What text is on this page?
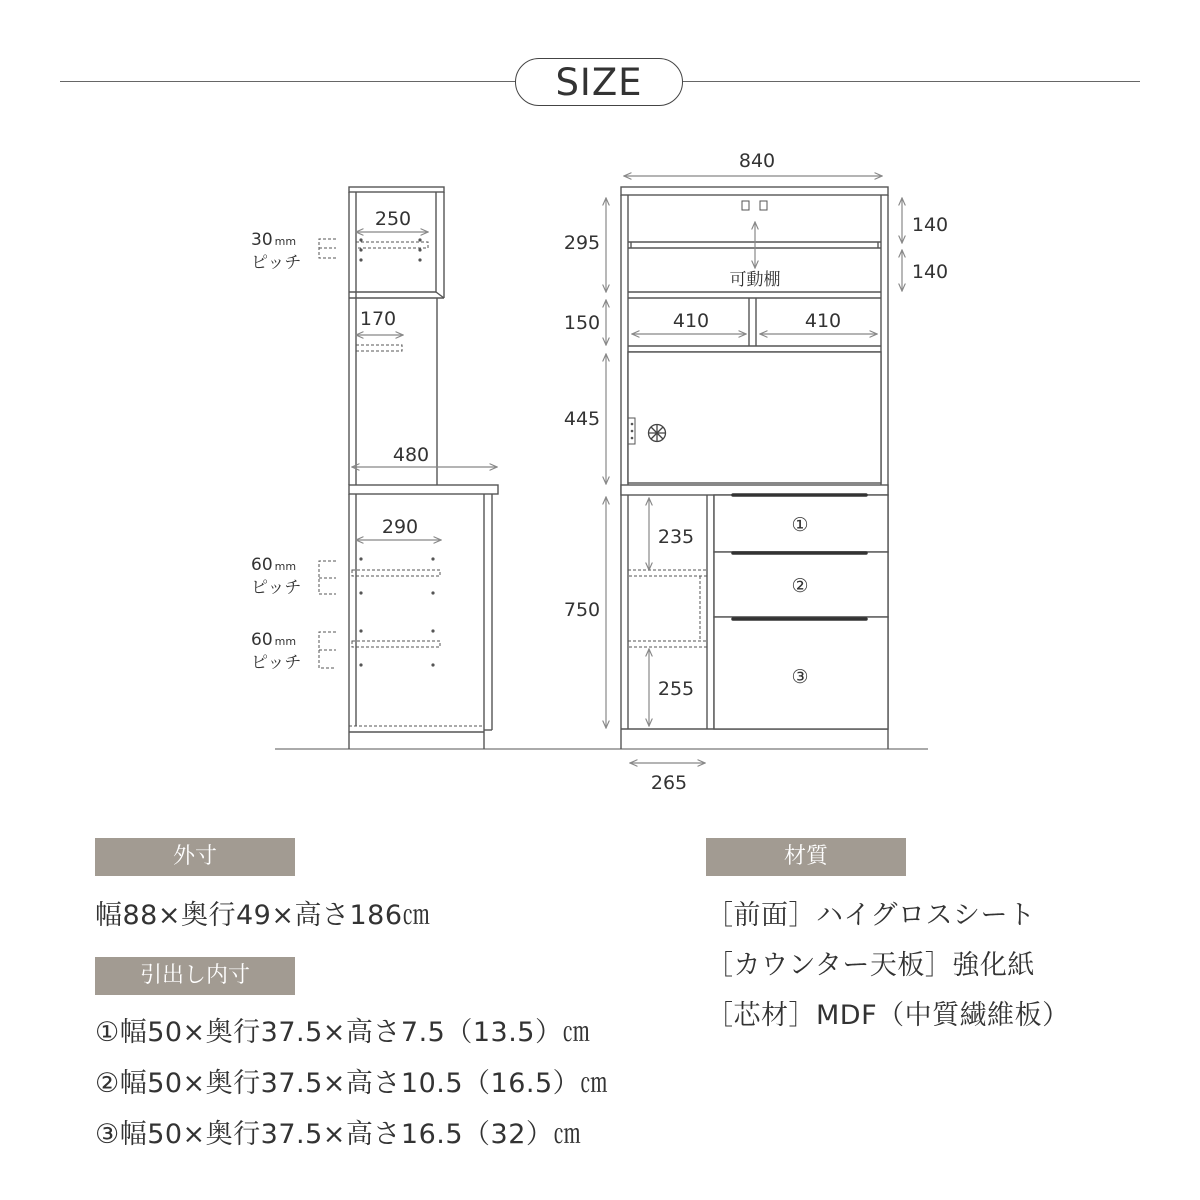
SIZE
250
170
480
290
30 mm
ピッチ
60 mm
ピッチ
60 mm
ピッチ
840
295
150
445
750
140
140
可動棚
410	410
235
255
265
①
②
③
外寸
幅88×奥行49×高さ186㎝
引出し内寸
①幅50×奥行37.5×高さ7.5（13.5）㎝
②幅50×奥行37.5×高さ10.5（16.5）㎝
③幅50×奥行37.5×高さ16.5（32）㎝
材質
［前面］ハイグロスシート
［カウンター天板］強化紙
［芯材］MDF（中質繊維板）
